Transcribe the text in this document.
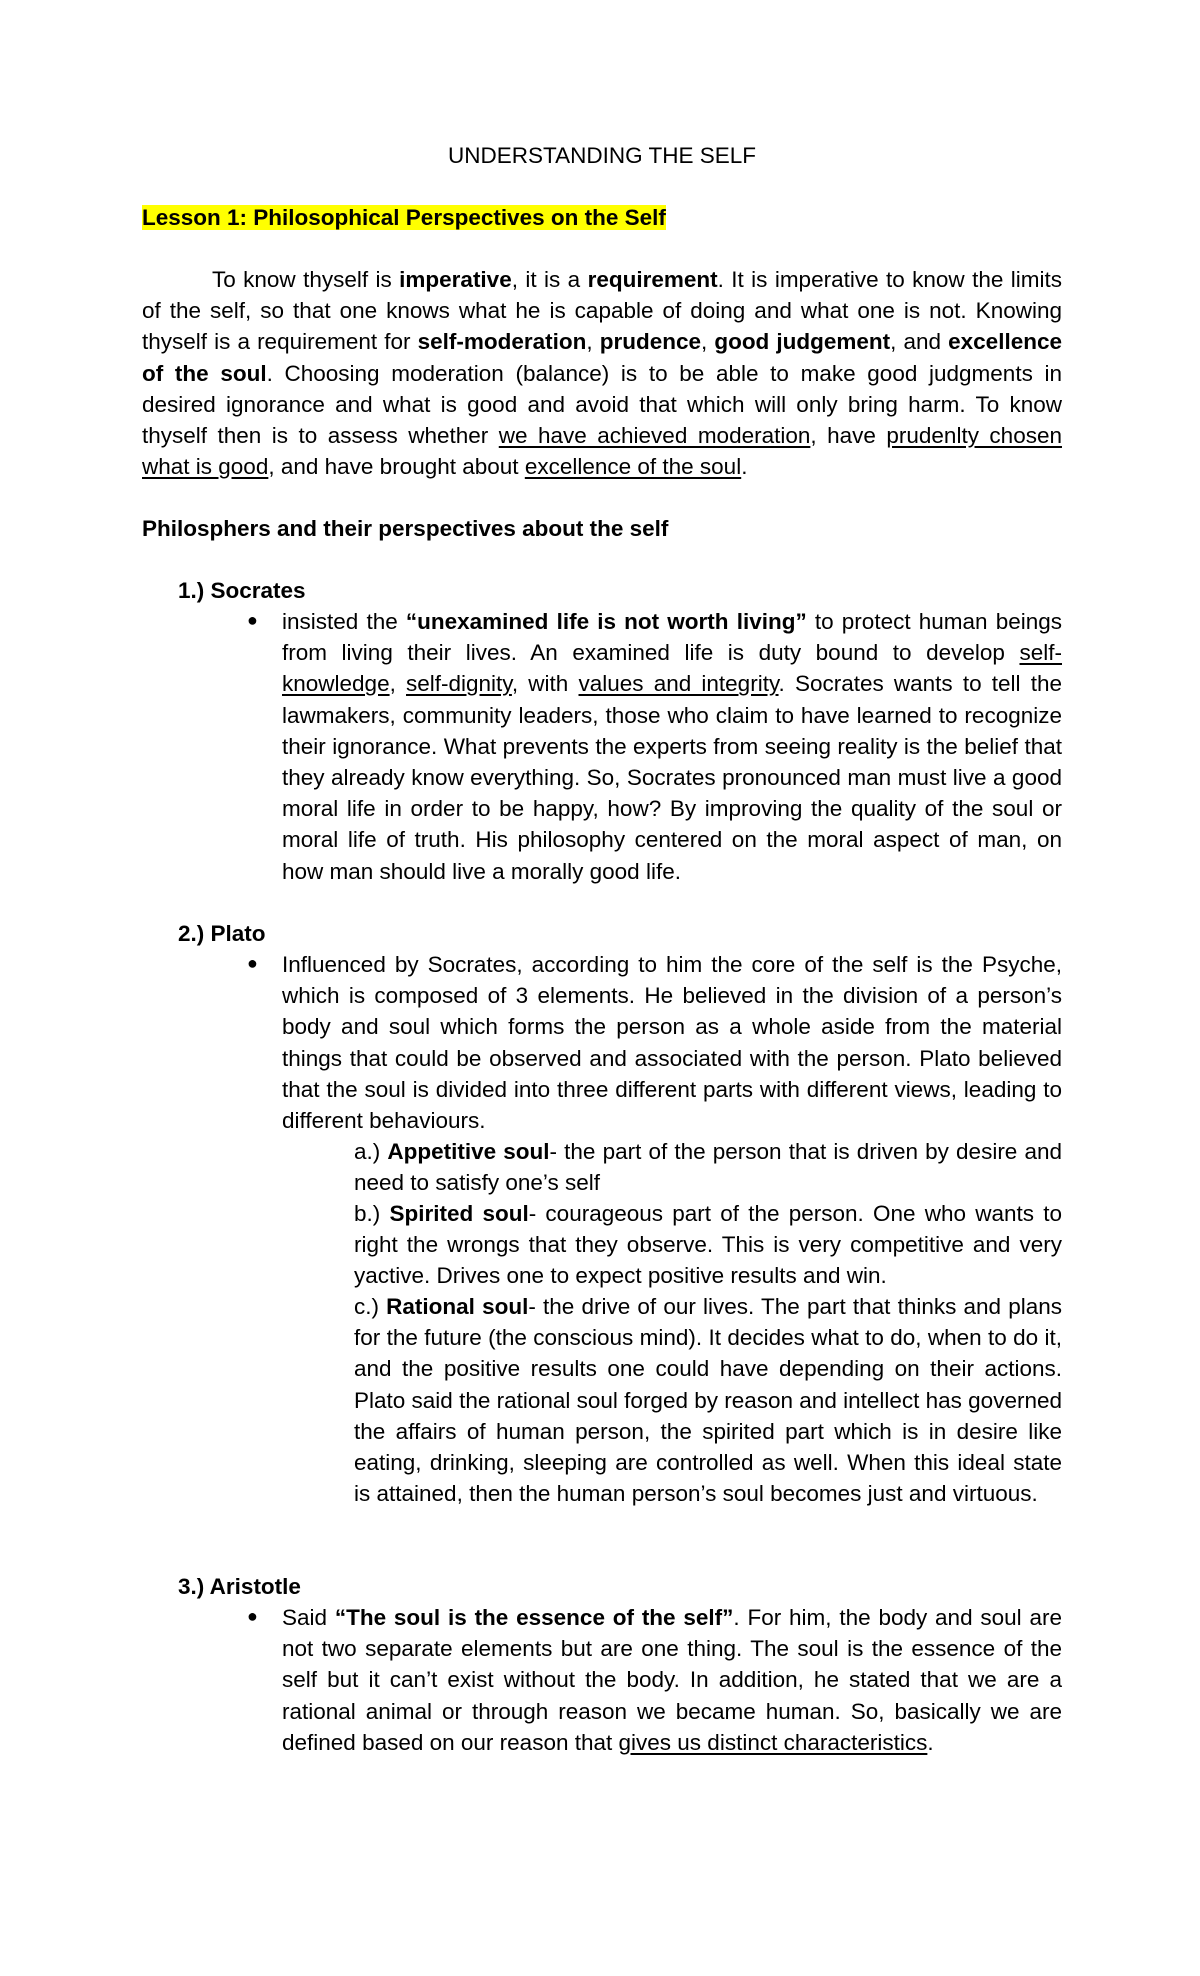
UNDERSTANDING THE SELF
Lesson 1: Philosophical Perspectives on the Self
To know thyself is imperative, it is a requirement. It is imperative to know the limits of the self, so that one knows what he is capable of doing and what one is not. Knowing thyself is a requirement for self-moderation, prudence, good judgement, and excellence of the soul. Choosing moderation (balance) is to be able to make good judgments in desired ignorance and what is good and avoid that which will only bring harm. To know thyself then is to assess whether we have achieved moderation, have prudenlty chosen what is good, and have brought about excellence of the soul.
Philosphers and their perspectives about the self
1.) Socrates
● insisted the “unexamined life is not worth living” to protect human beings from living their lives. An examined life is duty bound to develop self-knowledge, self-dignity, with values and integrity. Socrates wants to tell the lawmakers, community leaders, those who claim to have learned to recognize their ignorance. What prevents the experts from seeing reality is the belief that they already know everything. So, Socrates pronounced man must live a good moral life in order to be happy, how? By improving the quality of the soul or moral life of truth. His philosophy centered on the moral aspect of man, on how man should live a morally good life.
2.) Plato
● Influenced by Socrates, according to him the core of the self is the Psyche, which is composed of 3 elements. He believed in the division of a person’s body and soul which forms the person as a whole aside from the material things that could be observed and associated with the person. Plato believed that the soul is divided into three different parts with different views, leading to different behaviours.
a.) Appetitive soul- the part of the person that is driven by desire and need to satisfy one’s self
b.) Spirited soul- courageous part of the person. One who wants to right the wrongs that they observe. This is very competitive and very yactive. Drives one to expect positive results and win.
c.) Rational soul- the drive of our lives. The part that thinks and plans for the future (the conscious mind). It decides what to do, when to do it, and the positive results one could have depending on their actions. Plato said the rational soul forged by reason and intellect has governed the affairs of human person, the spirited part which is in desire like eating, drinking, sleeping are controlled as well. When this ideal state is attained, then the human person’s soul becomes just and virtuous.
3.) Aristotle
● Said “The soul is the essence of the self”. For him, the body and soul are not two separate elements but are one thing. The soul is the essence of the self but it can’t exist without the body. In addition, he stated that we are a rational animal or through reason we became human. So, basically we are defined based on our reason that gives us distinct characteristics.
